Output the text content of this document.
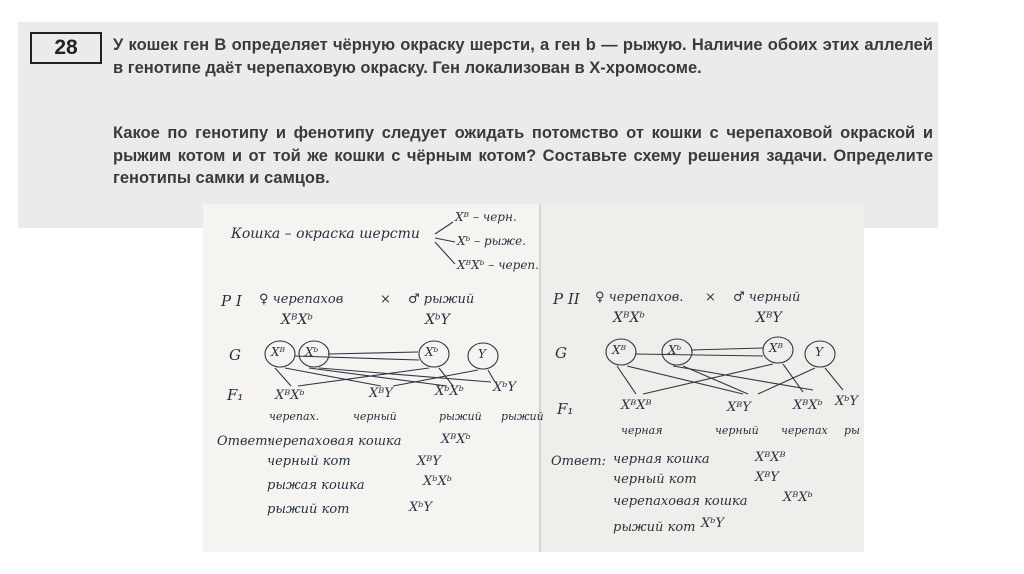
28	У кошек ген B определяет чёрную окраску шерсти, а ген b — рыжую. Наличие обоих этих аллелей в генотипе даёт черепаховую окраску. Ген локализован в X-хромосоме.

Какое по генотипу и фенотипу следует ожидать потомство от кошки с черепаховой окраской и рыжим котом и от той же кошки с чёрным котом? Составьте схему решения задачи. Определите генотипы самки и самцов.

Кошка – окраска шерсти
Xᴮ – черн.
Xᵇ – рыже.
XᴮXᵇ – череп.
P I ♀ черепахов	× ♂ рыжий
XᴮXᵇ	XᵇY
G	Xᴮ Xᵇ	Xᵇ	Y
F₁ XᴮXᵇ	XᴮY	XᵇXᵇ XᵇY
черепах.	черный	рыжий рыжий
Ответ:
черепаховая кошка	XᴮXᵇ
черный кот	XᴮY
рыжая кошка	XᵇXᵇ
рыжий кот	XᵇY
P II ♀ черепахов. × ♂ черный
XᴮXᵇ	XᴮY
G	Xᴮ	Xᵇ	Xᴮ	Y
F₁	XᴮXᴮ	XᴮY	XᴮXᵇ XᵇY
черная	черный черепах ры
Ответ: черная кошка	XᴮXᴮ
черный кот	XᴮY
черепаховая кошка	XᴮXᵇ
рыжий кот XᵇY
